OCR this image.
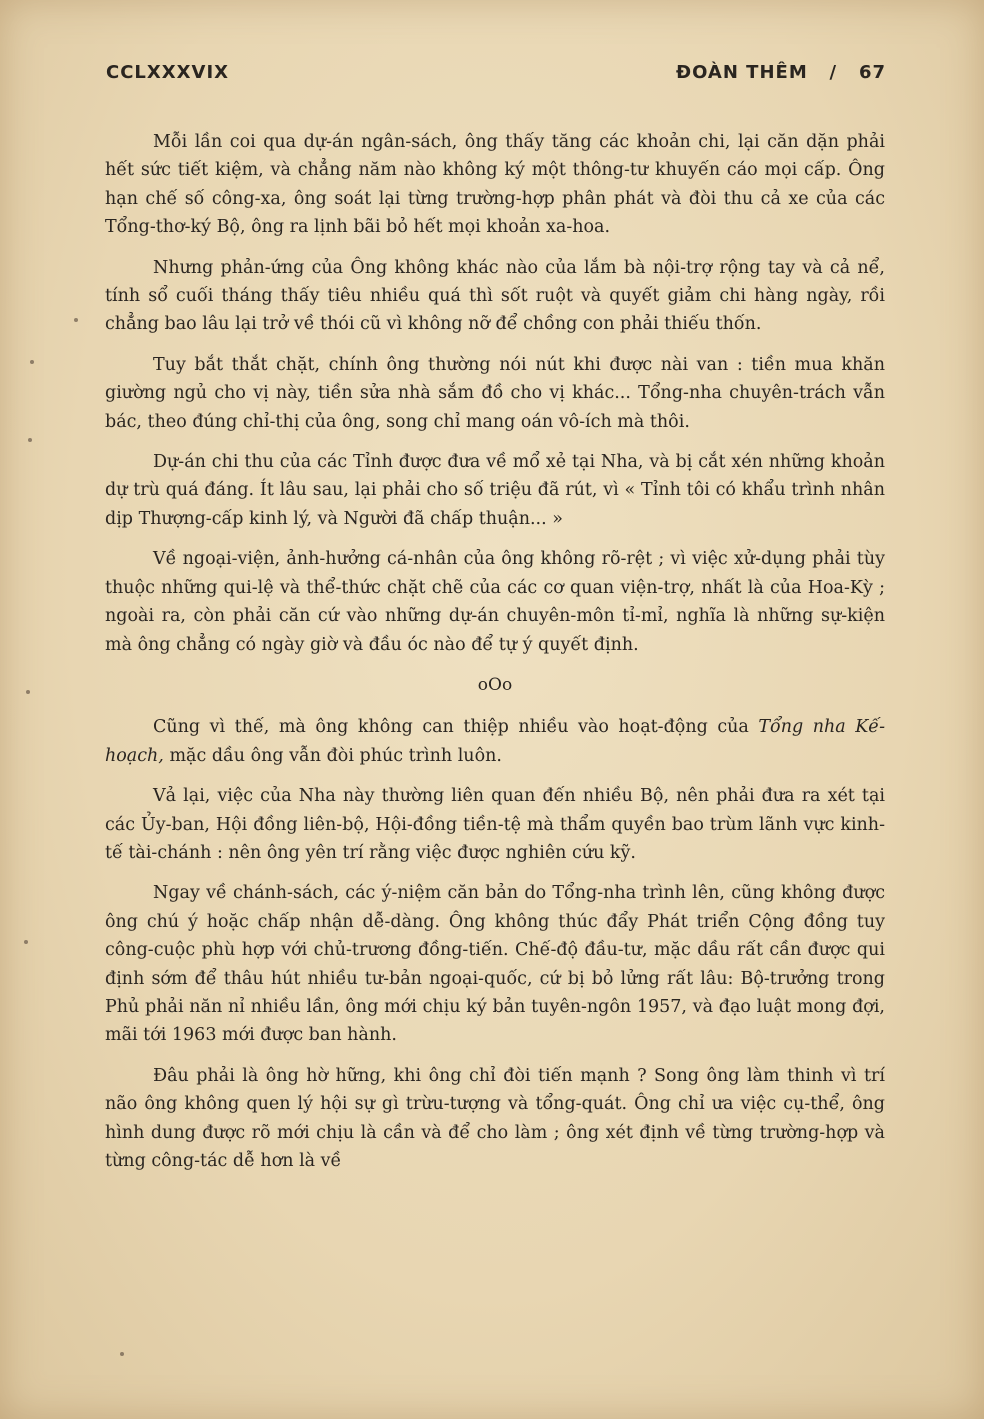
CCLXXXVIX	ĐOÀN THÊM / 67

Mỗi lần coi qua dự-án ngân-sách, ông thấy tăng các khoản chi, lại căn dặn phải hết sức tiết kiệm, và chẳng năm nào không ký một thông-tư khuyến cáo mọi cấp. Ông hạn chế số công-xa, ông soát lại từng trường-hợp phân phát và đòi thu cả xe của các Tổng-thơ-ký Bộ, ông ra lịnh bãi bỏ hết mọi khoản xa-hoa.

Nhưng phản-ứng của Ông không khác nào của lắm bà nội-trợ rộng tay và cả nể, tính sổ cuối tháng thấy tiêu nhiều quá thì sốt ruột và quyết giảm chi hàng ngày, rồi chẳng bao lâu lại trở về thói cũ vì không nỡ để chồng con phải thiếu thốn.

Tuy bắt thắt chặt, chính ông thường nói nút khi được nài van : tiền mua khăn giường ngủ cho vị này, tiền sửa nhà sắm đồ cho vị khác... Tổng-nha chuyên-trách vẫn bác, theo đúng chỉ-thị của ông, song chỉ mang oán vô-ích mà thôi.

Dự-án chi thu của các Tỉnh được đưa về mổ xẻ tại Nha, và bị cắt xén những khoản dự trù quá đáng. Ít lâu sau, lại phải cho số triệu đã rút, vì « Tỉnh tôi có khẩu trình nhân dịp Thượng-cấp kinh lý, và Người đã chấp thuận... »

Về ngoại-viện, ảnh-hưởng cá-nhân của ông không rõ-rệt ; vì việc xử-dụng phải tùy thuộc những qui-lệ và thể-thức chặt chẽ của các cơ quan viện-trợ, nhất là của Hoa-Kỳ ; ngoài ra, còn phải căn cứ vào những dự-án chuyên-môn tỉ-mỉ, nghĩa là những sự-kiện mà ông chẳng có ngày giờ và đầu óc nào để tự ý quyết định.

oOo

Cũng vì thế, mà ông không can thiệp nhiều vào hoạt-động của Tổng nha Kế-hoạch, mặc dầu ông vẫn đòi phúc trình luôn.

Vả lại, việc của Nha này thường liên quan đến nhiều Bộ, nên phải đưa ra xét tại các Ủy-ban, Hội đồng liên-bộ, Hội-đồng tiền-tệ mà thẩm quyền bao trùm lãnh vực kinh-tế tài-chánh : nên ông yên trí rằng việc được nghiên cứu kỹ.

Ngay về chánh-sách, các ý-niệm căn bản do Tổng-nha trình lên, cũng không được ông chú ý hoặc chấp nhận dễ-dàng. Ông không thúc đẩy Phát triển Cộng đồng tuy công-cuộc phù hợp với chủ-trương đồng-tiến. Chế-độ đầu-tư, mặc dầu rất cần được qui định sớm để thâu hút nhiều tư-bản ngoại-quốc, cứ bị bỏ lửng rất lâu: Bộ-trưởng trong Phủ phải năn nỉ nhiều lần, ông mới chịu ký bản tuyên-ngôn 1957, và đạo luật mong đợi, mãi tới 1963 mới được ban hành.

Đâu phải là ông hờ hững, khi ông chỉ đòi tiến mạnh ? Song ông làm thinh vì trí não ông không quen lý hội sự gì trừu-tượng và tổng-quát. Ông chỉ ưa việc cụ-thể, ông hình dung được rõ mới chịu là cần và để cho làm ; ông xét định về từng trường-hợp và từng công-tác dễ hơn là về
